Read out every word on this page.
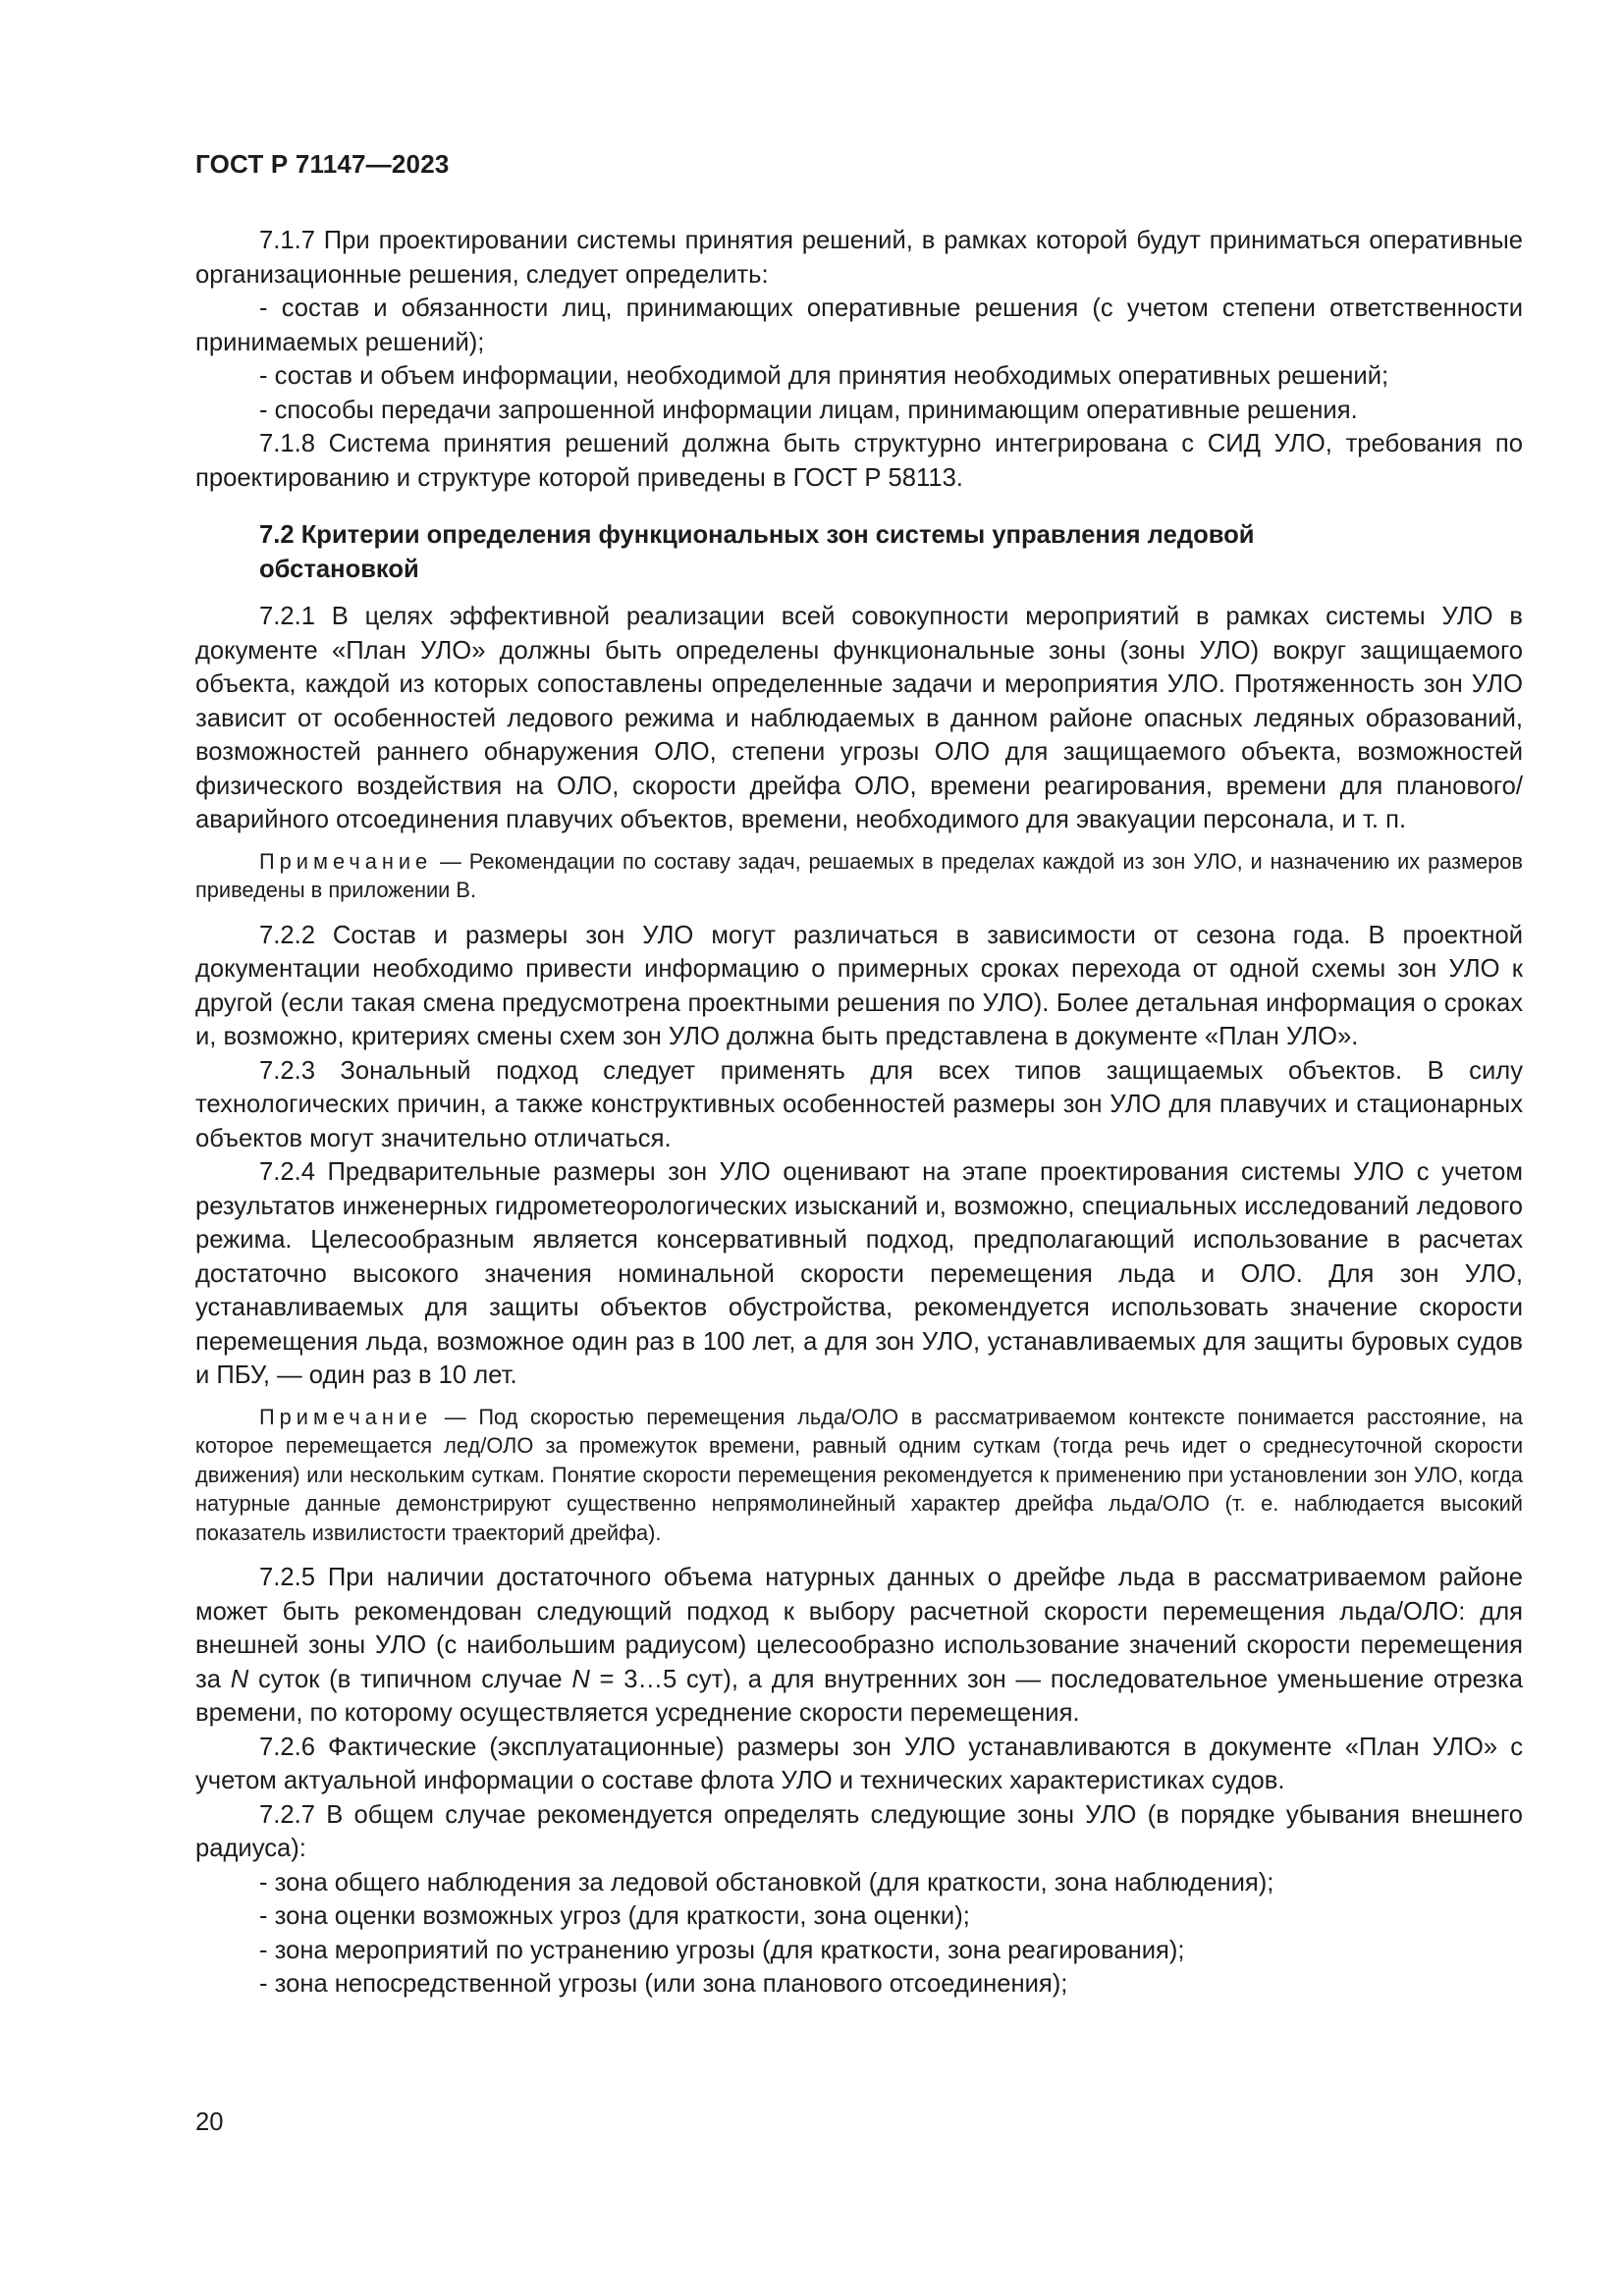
ГОСТ Р 71147—2023

7.1.7 При проектировании системы принятия решений, в рамках которой будут приниматься оперативные организационные решения, следует определить:

- состав и обязанности лиц, принимающих оперативные решения (с учетом степени ответственности принимаемых решений);

- состав и объем информации, необходимой для принятия необходимых оперативных решений;

- способы передачи запрошенной информации лицам, принимающим оперативные решения.

7.1.8 Система принятия решений должна быть структурно интегрирована с СИД УЛО, требования по проектированию и структуре которой приведены в ГОСТ Р 58113.

7.2 Критерии определения функциональных зон системы управления ледовой обстановкой

7.2.1 В целях эффективной реализации всей совокупности мероприятий в рамках системы УЛО в документе «План УЛО» должны быть определены функциональные зоны (зоны УЛО) вокруг защищаемого объекта, каждой из которых сопоставлены определенные задачи и мероприятия УЛО. Протяженность зон УЛО зависит от особенностей ледового режима и наблюдаемых в данном районе опасных ледяных образований, возможностей раннего обнаружения ОЛО, степени угрозы ОЛО для защищаемого объекта, возможностей физического воздействия на ОЛО, скорости дрейфа ОЛО, времени реагирования, времени для планового/аварийного отсоединения плавучих объектов, времени, необходимого для эвакуации персонала, и т. п.

Примечание — Рекомендации по составу задач, решаемых в пределах каждой из зон УЛО, и назначению их размеров приведены в приложении В.

7.2.2 Состав и размеры зон УЛО могут различаться в зависимости от сезона года. В проектной документации необходимо привести информацию о примерных сроках перехода от одной схемы зон УЛО к другой (если такая смена предусмотрена проектными решения по УЛО). Более детальная информация о сроках и, возможно, критериях смены схем зон УЛО должна быть представлена в документе «План УЛО».

7.2.3 Зональный подход следует применять для всех типов защищаемых объектов. В силу технологических причин, а также конструктивных особенностей размеры зон УЛО для плавучих и стационарных объектов могут значительно отличаться.

7.2.4 Предварительные размеры зон УЛО оценивают на этапе проектирования системы УЛО с учетом результатов инженерных гидрометеорологических изысканий и, возможно, специальных исследований ледового режима. Целесообразным является консервативный подход, предполагающий использование в расчетах достаточно высокого значения номинальной скорости перемещения льда и ОЛО. Для зон УЛО, устанавливаемых для защиты объектов обустройства, рекомендуется использовать значение скорости перемещения льда, возможное один раз в 100 лет, а для зон УЛО, устанавливаемых для защиты буровых судов и ПБУ, — один раз в 10 лет.

Примечание — Под скоростью перемещения льда/ОЛО в рассматриваемом контексте понимается расстояние, на которое перемещается лед/ОЛО за промежуток времени, равный одним суткам (тогда речь идет о среднесуточной скорости движения) или нескольким суткам. Понятие скорости перемещения рекомендуется к применению при установлении зон УЛО, когда натурные данные демонстрируют существенно непрямолинейный характер дрейфа льда/ОЛО (т. е. наблюдается высокий показатель извилистости траекторий дрейфа).

7.2.5 При наличии достаточного объема натурных данных о дрейфе льда в рассматриваемом районе может быть рекомендован следующий подход к выбору расчетной скорости перемещения льда/ОЛО: для внешней зоны УЛО (с наибольшим радиусом) целесообразно использование значений скорости перемещения за N суток (в типичном случае N = 3…5 сут), а для внутренних зон — последовательное уменьшение отрезка времени, по которому осуществляется усреднение скорости перемещения.

7.2.6 Фактические (эксплуатационные) размеры зон УЛО устанавливаются в документе «План УЛО» с учетом актуальной информации о составе флота УЛО и технических характеристиках судов.

7.2.7 В общем случае рекомендуется определять следующие зоны УЛО (в порядке убывания внешнего радиуса):

- зона общего наблюдения за ледовой обстановкой (для краткости, зона наблюдения);

- зона оценки возможных угроз (для краткости, зона оценки);

- зона мероприятий по устранению угрозы (для краткости, зона реагирования);

- зона непосредственной угрозы (или зона планового отсоединения);

20
